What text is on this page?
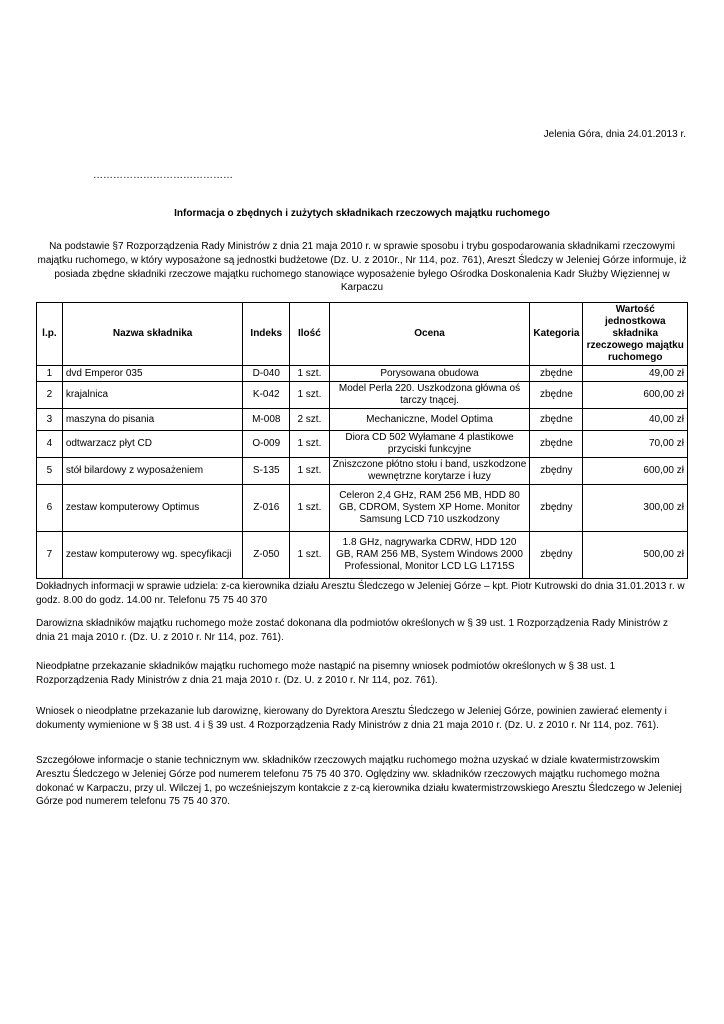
Jelenia Góra, dnia 24.01.2013 r.
……………………………………
Informacja o zbędnych i zużytych składnikach rzeczowych majątku ruchomego
Na podstawie §7 Rozporządzenia Rady Ministrów z dnia 21 maja 2010 r. w sprawie sposobu i trybu gospodarowania składnikami rzeczowymi majątku ruchomego, w który wyposażone są jednostki budżetowe (Dz. U. z 2010r., Nr 114, poz. 761), Areszt Śledczy w Jeleniej Górze informuje, iż posiada zbędne składniki rzeczowe majątku ruchomego stanowiące wyposażenie byłego Ośrodka Doskonalenia Kadr Służby Więziennej w Karpaczu
l.p.	Nazwa składnika	Indeks	Ilość	Ocena	Kategoria	Wartość jednostkowa składnika rzeczowego majątku ruchomego
1	dvd Emperor 035	D-040	1 szt.	Porysowana obudowa	zbędne	49,00 zł
2	krajalnica	K-042	1 szt.	Model Perla 220. Uszkodzona główna oś tarczy tnącej.	zbędne	600,00 zł
3	maszyna do pisania	M-008	2 szt.	Mechaniczne, Model Optima	zbędne	40,00 zł
4	odtwarzacz płyt CD	O-009	1 szt.	Diora CD 502 Wyłamane 4 plastikowe przyciski funkcyjne	zbędne	70,00 zł
5	stół bilardowy z wyposażeniem	S-135	1 szt.	Zniszczone płótno stołu i band, uszkodzone wewnętrzne korytarze i łuzy	zbędny	600,00 zł
6	zestaw komputerowy Optimus	Z-016	1 szt.	Celeron 2,4 GHz, RAM 256 MB, HDD 80 GB, CDROM, System XP Home. Monitor Samsung LCD 710 uszkodzony	zbędny	300,00 zł
7	zestaw komputerowy wg. specyfikacji	Z-050	1 szt.	1.8 GHz, nagrywarka CDRW, HDD 120 GB, RAM 256 MB, System Windows 2000 Professional, Monitor LCD LG L1715S	zbędny	500,00 zł
Dokładnych informacji w sprawie udziela: z-ca kierownika działu Aresztu Śledczego w Jeleniej Górze – kpt. Piotr Kutrowski do dnia 31.01.2013 r. w godz. 8.00 do godz. 14.00 nr. Telefonu 75 75 40 370
Darowizna składników majątku ruchomego może zostać dokonana dla podmiotów określonych w § 39 ust. 1 Rozporządzenia Rady Ministrów z dnia 21 maja 2010 r. (Dz. U. z 2010 r. Nr 114, poz. 761).
Nieodpłatne przekazanie składników majątku ruchomego może nastąpić na pisemny wniosek podmiotów określonych w § 38 ust. 1 Rozporządzenia Rady Ministrów z dnia 21 maja 2010 r. (Dz. U. z 2010 r. Nr 114, poz. 761).
Wniosek o nieodpłatne przekazanie lub darowiznę, kierowany do Dyrektora Aresztu Śledczego w Jeleniej Górze, powinien zawierać elementy i dokumenty wymienione w § 38 ust. 4 i § 39 ust. 4 Rozporządzenia Rady Ministrów z dnia 21 maja 2010 r. (Dz. U. z 2010 r. Nr 114, poz. 761).
Szczegółowe informacje o stanie technicznym ww. składników rzeczowych majątku ruchomego można uzyskać w dziale kwatermistrzowskim Aresztu Śledczego w Jeleniej Górze pod numerem telefonu 75 75 40 370. Oględziny ww. składników rzeczowych majątku ruchomego można dokonać w Karpaczu, przy ul. Wilczej 1, po wcześniejszym kontakcie z z-cą kierownika działu kwatermistrzowskiego Aresztu Śledczego w Jeleniej Górze pod numerem telefonu 75 75 40 370.
